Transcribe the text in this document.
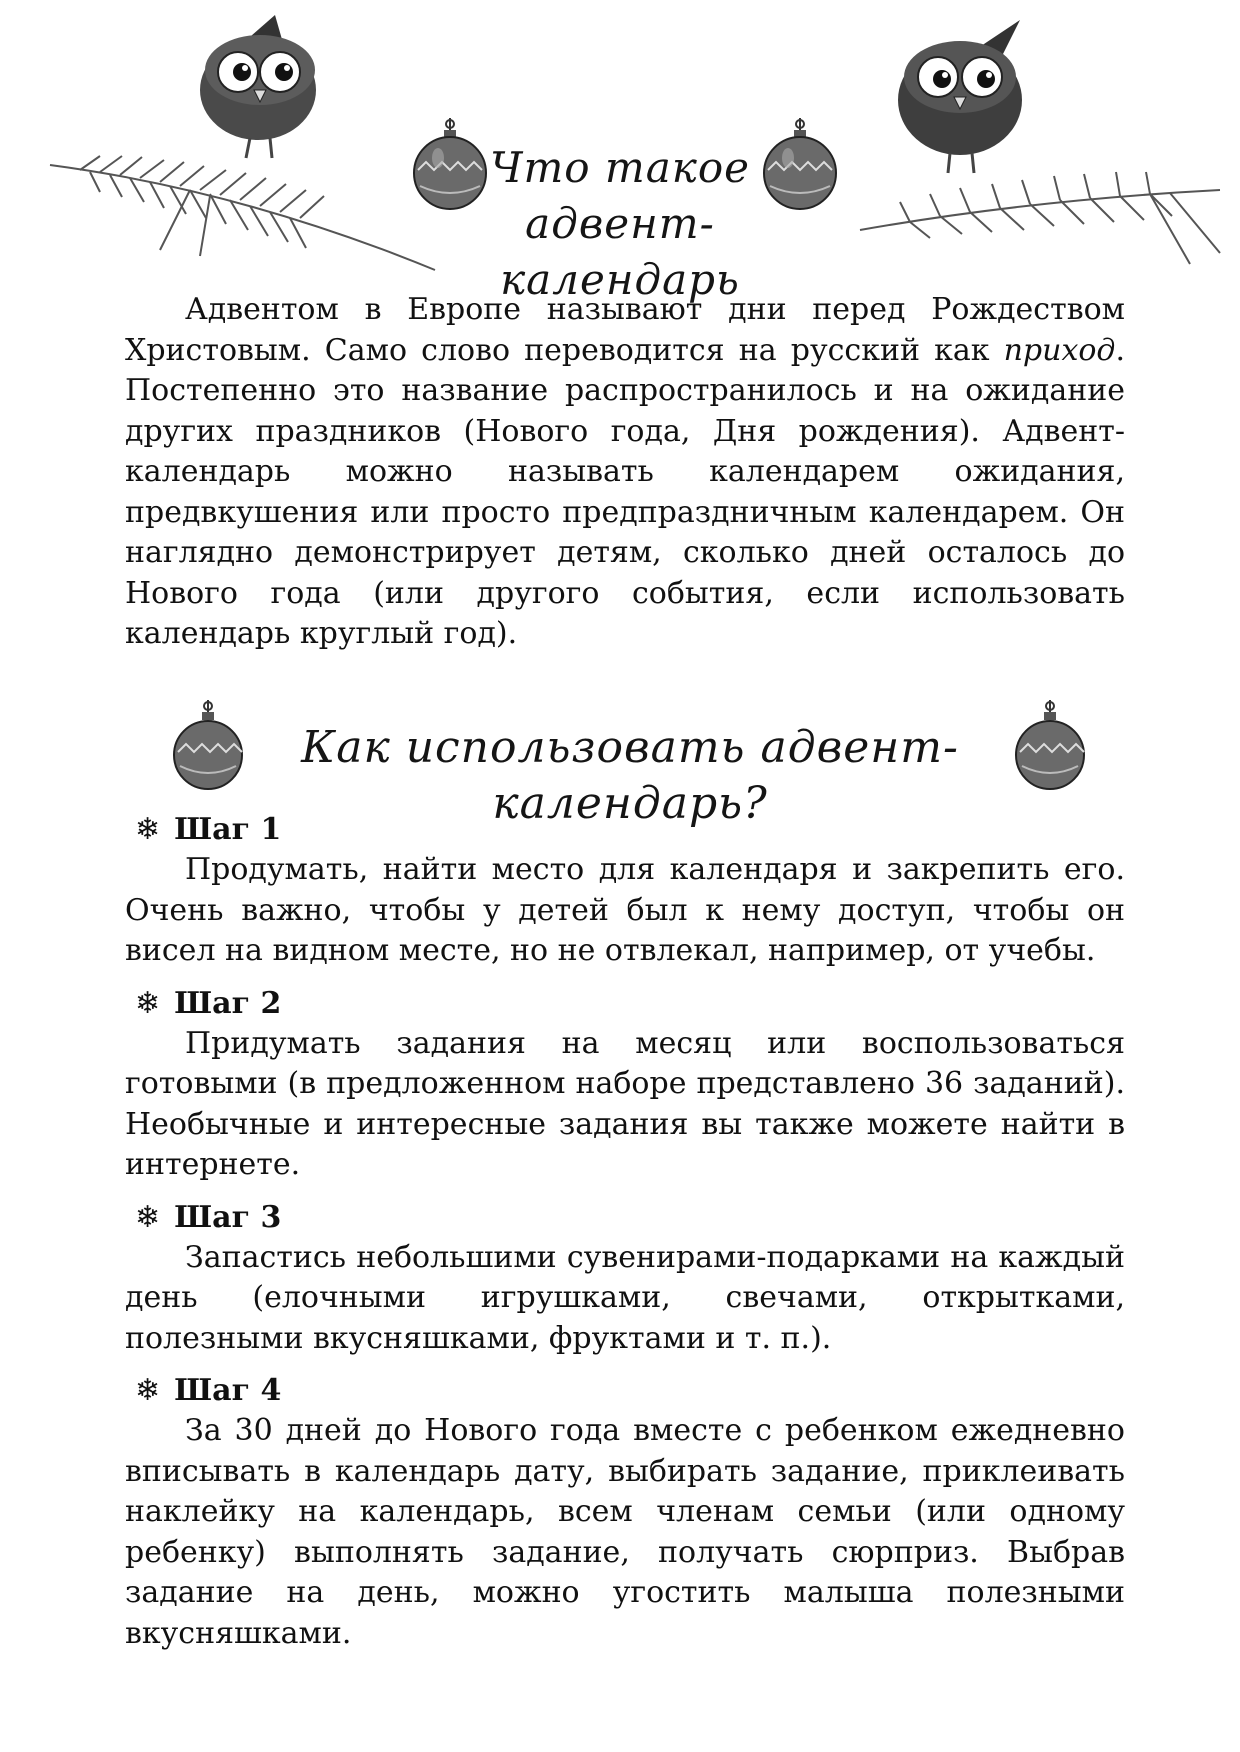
Что такое
адвент-календарь
Адвентом в Европе называют дни перед Рождеством Христовым. Само слово переводится на русский как приход. Постепенно это название распространилось и на ожидание других праздников (Нового года, Дня рождения). Адвент-календарь можно называть календарем ожидания, предвкушения или просто предпраздничным календарем. Он наглядно демонстрирует детям, сколько дней осталось до Нового года (или другого события, если использовать календарь круглый год).
Как использовать адвент-календарь?
❄ Шаг 1
Продумать, найти место для календаря и закрепить его. Очень важно, чтобы у детей был к нему доступ, чтобы он висел на видном месте, но не отвлекал, например, от учебы.
❄ Шаг 2
Придумать задания на месяц или воспользоваться готовыми (в предложенном наборе представлено 36 заданий). Необычные и интересные задания вы также можете найти в интернете.
❄ Шаг 3
Запастись небольшими сувенирами-подарками на каждый день (елочными игрушками, свечами, открытками, полезными вкусняшками, фруктами и т. п.).
❄ Шаг 4
За 30 дней до Нового года вместе с ребенком ежедневно вписывать в календарь дату, выбирать задание, приклеивать наклейку на календарь, всем членам семьи (или одному ребенку) выполнять задание, получать сюрприз. Выбрав задание на день, можно угостить малыша полезными вкусняшками.
